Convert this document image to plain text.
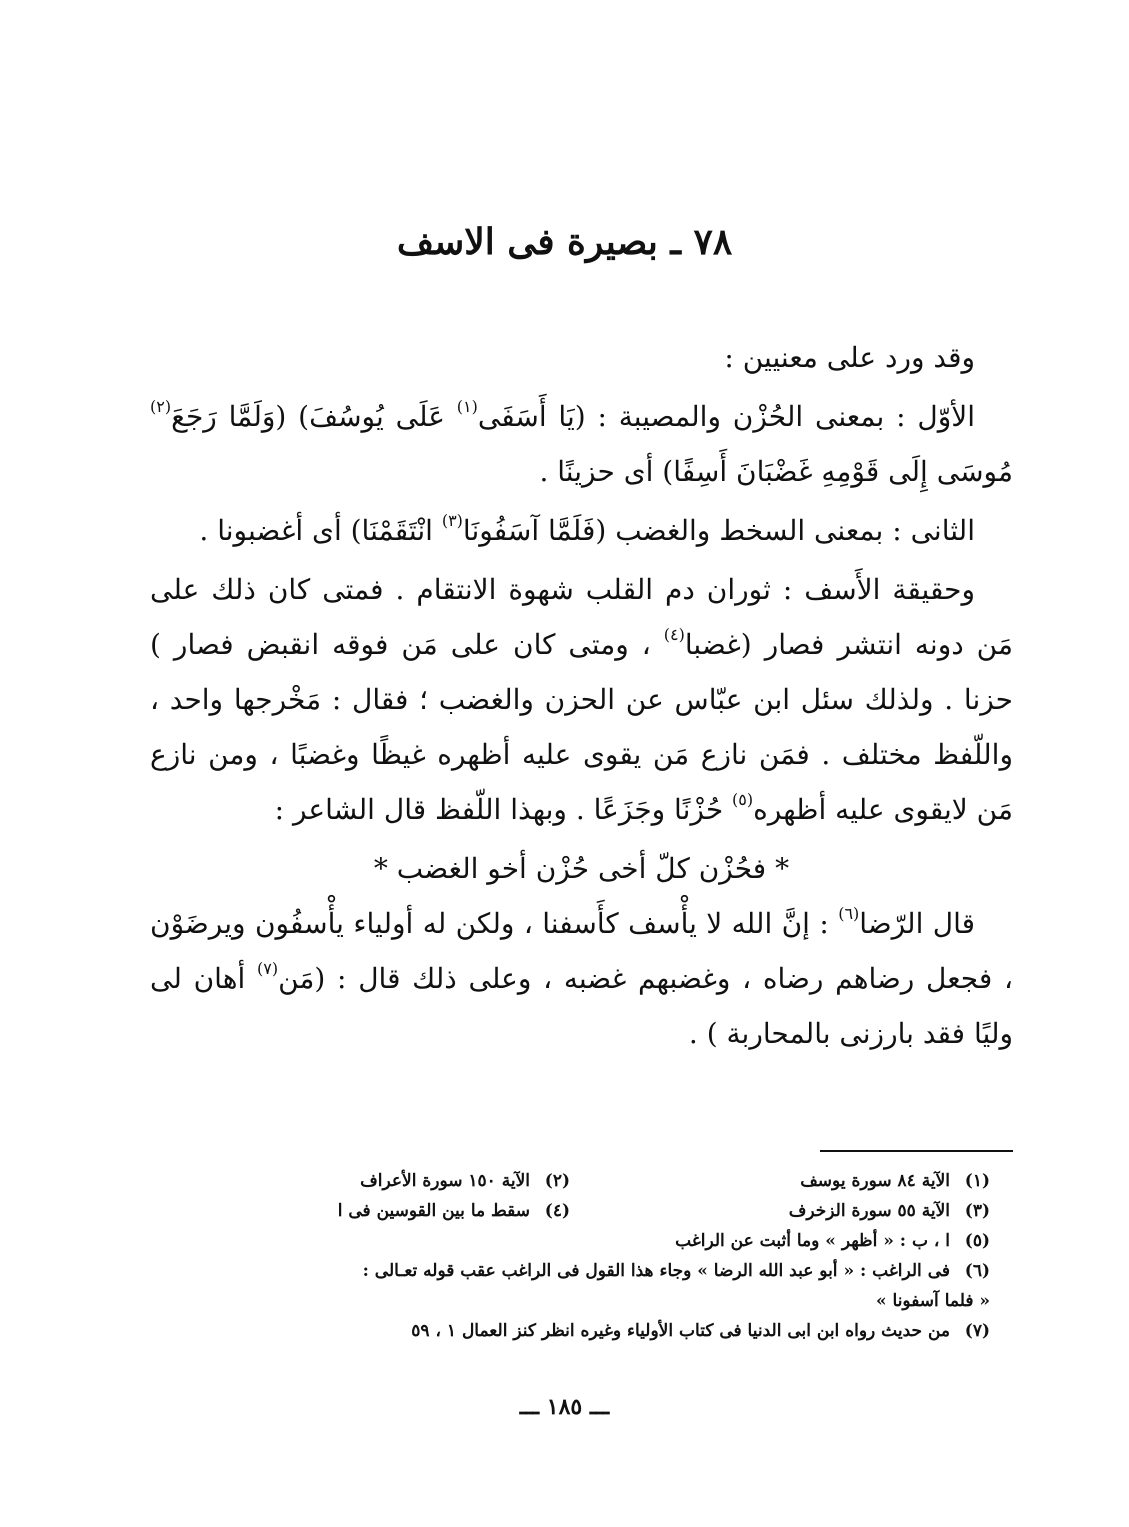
٧٨ ـ بصيرة فى الاسف

وقد ورد على معنيين :

الأوّل : بمعنى الحُزْن والمصيبة : (يَا أَسَفَى$^{(١)}$ عَلَى يُوسُفَ) (وَلَمَّا رَجَعَ$^{(٢)}$ مُوسَى إِلَى قَوْمِهِ غَضْبَانَ أَسِفًا) أى حزينًا .

الثانى : بمعنى السخط والغضب (فَلَمَّا آسَفُونَا$^{(٣)}$ انْتَقَمْنَا) أى أغضبونا .

وحقيقة الأَسف : ثوران دم القلب شهوة الانتقام . فمتى كان ذلك على مَن دونه انتشر فصار (غضبا$^{(٤)}$ ، ومتى كان على مَن فوقه انقبض فصار ) حزنا . ولذلك سئل ابن عبّاس عن الحزن والغضب ؛ فقال : مَخْرجها واحد ، واللّفظ مختلف . فمَن نازع مَن يقوى عليه أظهره غيظًا وغضبًا ، ومن نازع مَن لايقوى عليه أظهره$^{(٥)}$ حُزْنًا وجَزَعًا . وبهذا اللّفظ قال الشاعر :

* فحُزْن كلّ أخى حُزْن أخو الغضب *

قال الرّضا$^{(٦)}$ : إنَّ الله لا يأْسف كأَسفنا ، ولكن له أولياء يأْسفُون ويرضَوْن ، فجعل رضاهم رضاه ، وغضبهم غضبه ، وعلى ذلك قال : (مَن$^{(٧)}$ أهان لى وليًا فقد بارزنى بالمحاربة ) .

(١)الآية ٨٤ سورة يوسف
(٢)الآية ١٥٠ سورة الأعراف
(٣)الآية ٥٥ سورة الزخرف
(٤)سقط ما بين القوسين فى ا
(٥)ا ، ب : « أظهر » وما أثبت عن الراغب
(٦)فى الراغب : « أبو عبد الله الرضا » وجاء هذا القول فى الراغب عقب قوله تعـالى :
« فلما آسفونا »
(٧)من حديث رواه ابن ابى الدنيا فى كتاب الأولياء وغيره انظر كنز العمال ١ ، ٥٩
ـــ ١٨٥ ـــ
